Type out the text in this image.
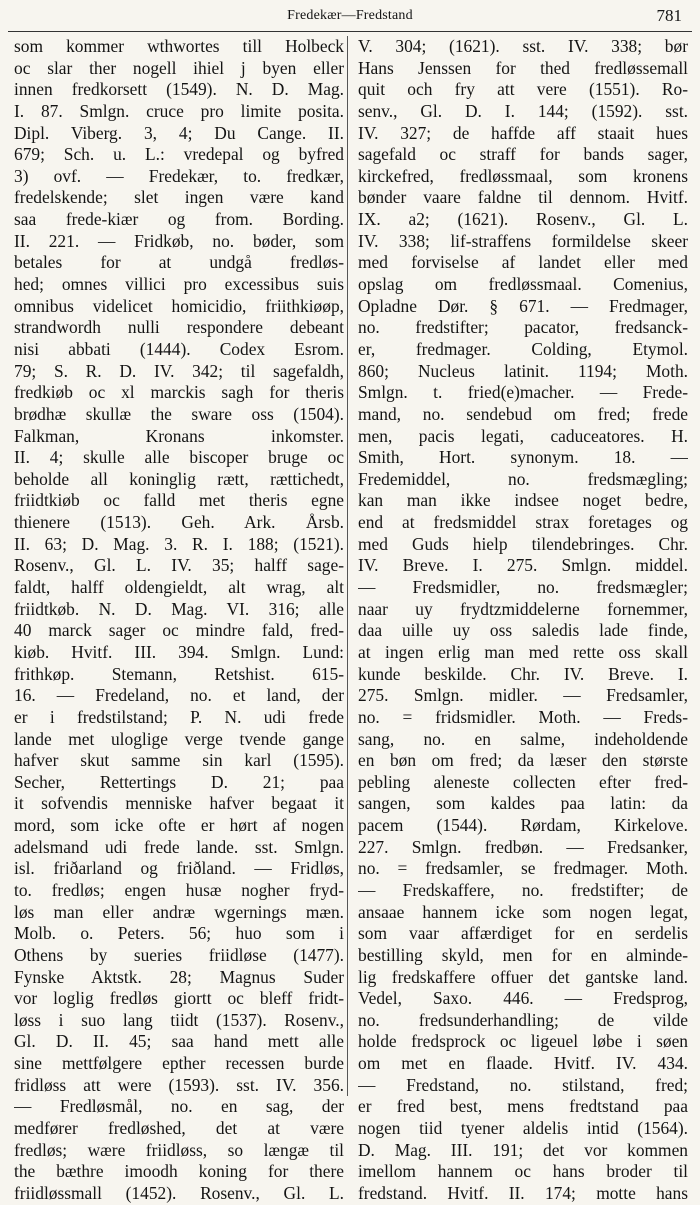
Fredekær—Fredstand	781
som kommer wthwortes till Holbeck
oc slar ther nogell ihiel j byen eller
innen fredkorsett (1549). N. D. Mag.
I. 87. Smlgn. cruce pro limite posita.
Dipl. Viberg. 3, 4; Du Cange. II.
679; Sch. u. L.: vredepal og byfred
3) ovf. — Fredekær, to. fredkær,
fredelskende; slet ingen være kand
saa frede-kiær og from. Bording.
II. 221. — Fridkøb, no. bøder, som
betales for at undgå fredløs-
hed; omnes villici pro excessibus suis
omnibus videlicet homicidio, friithkiøøp,
strandwordh nulli respondere debeant
nisi abbati (1444). Codex Esrom.
79; S. R. D. IV. 342; til sagefaldh,
fredkiøb oc xl marckis sagh for theris
brødhæ skullæ the sware oss (1504).
Falkman, Kronans inkomster.
II. 4; skulle alle biscoper bruge oc
beholde all koninglig rætt, rættichedt,
friidtkiøb oc falld met theris egne
thienere (1513). Geh. Ark. Årsb.
II. 63; D. Mag. 3. R. I. 188; (1521).
Rosenv., Gl. L. IV. 35; halff sage-
faldt, halff oldengieldt, alt wrag, alt
friidtkøb. N. D. Mag. VI. 316; alle
40 marck sager oc mindre fald, fred-
kiøb. Hvitf. III. 394. Smlgn. Lund:
frithkøp. Stemann, Retshist. 615-
16. — Fredeland, no. et land, der
er i fredstilstand; P. N. udi frede
lande met uloglige verge tvende gange
hafver skut samme sin karl (1595).
Secher, Rettertings D. 21; paa
it sofvendis menniske hafver begaat it
mord, som icke ofte er hørt af nogen
adelsmand udi frede lande. sst. Smlgn.
isl. friðarland og friðland. — Fridløs,
to. fredløs; engen husæ nogher fryd-
løs man eller andræ wgernings mæn.
Molb. o. Peters. 56; huo som i
Othens by sueries friidløse (1477).
Fynske Aktstk. 28; Magnus Suder
vor loglig fredløs giortt oc bleff fridt-
løss i suo lang tiidt (1537). Rosenv.,
Gl. D. II. 45; saa hand mett alle
sine mettfølgere epther recessen burde
fridløss att were (1593). sst. IV. 356.
— Fredløsmål, no. en sag, der
medfører fredløshed, det at være
fredløs; wære friidløss, so længæ til
the bæthre imoodh koning for there
friidløssmall (1452). Rosenv., Gl. L.
V. 304; (1621). sst. IV. 338; bør
Hans Jenssen for thed fredløssemall
quit och fry att vere (1551). Ro-
senv., Gl. D. I. 144; (1592). sst.
IV. 327; de haffde aff staait hues
sagefald oc straff for bands sager,
kirckefred, fredløssmaal, som kronens
bønder vaare faldne til dennom. Hvitf.
IX. a2; (1621). Rosenv., Gl. L.
IV. 338; lif-straffens formildelse skeer
med forviselse af landet eller med
opslag om fredløssmaal. Comenius,
Opladne Dør. § 671. — Fredmager,
no. fredstifter; pacator, fredsanck-
er, fredmager. Colding, Etymol.
860; Nucleus latinit. 1194; Moth.
Smlgn. t. fried(e)macher. — Frede-
mand, no. sendebud om fred; frede
men, pacis legati, caduceatores. H.
Smith, Hort. synonym. 18. —
Fredemiddel, no. fredsmægling;
kan man ikke indsee noget bedre,
end at fredsmiddel strax foretages og
med Guds hielp tilendebringes. Chr.
IV. Breve. I. 275. Smlgn. middel.
— Fredsmidler, no. fredsmægler;
naar uy frydtzmiddelerne fornemmer,
daa uille uy oss saledis lade finde,
at ingen erlig man med rette oss skall
kunde beskilde. Chr. IV. Breve. I.
275. Smlgn. midler. — Fredsamler,
no. = fridsmidler. Moth. — Freds-
sang, no. en salme, indeholdende
en bøn om fred; da læser den største
pebling aleneste collecten efter fred-
sangen, som kaldes paa latin: da
pacem (1544). Rørdam, Kirkelove.
227. Smlgn. fredbøn. — Fredsanker,
no. = fredsamler, se fredmager. Moth.
— Fredskaffere, no. fredstifter; de
ansaae hannem icke som nogen legat,
som vaar affærdiget for en serdelis
bestilling skyld, men for en alminde-
lig fredskaffere offuer det gantske land.
Vedel, Saxo. 446. — Fredsprog,
no. fredsunderhandling; de vilde
holde fredsprock oc ligeuel løbe i søen
om met en flaade. Hvitf. IV. 434.
— Fredstand, no. stilstand, fred;
er fred best, mens fredtstand paa
nogen tiid tyener aldelis intid (1564).
D. Mag. III. 191; det vor kommen
imellom hannem oc hans broder til
fredstand. Hvitf. II. 174; motte hans
